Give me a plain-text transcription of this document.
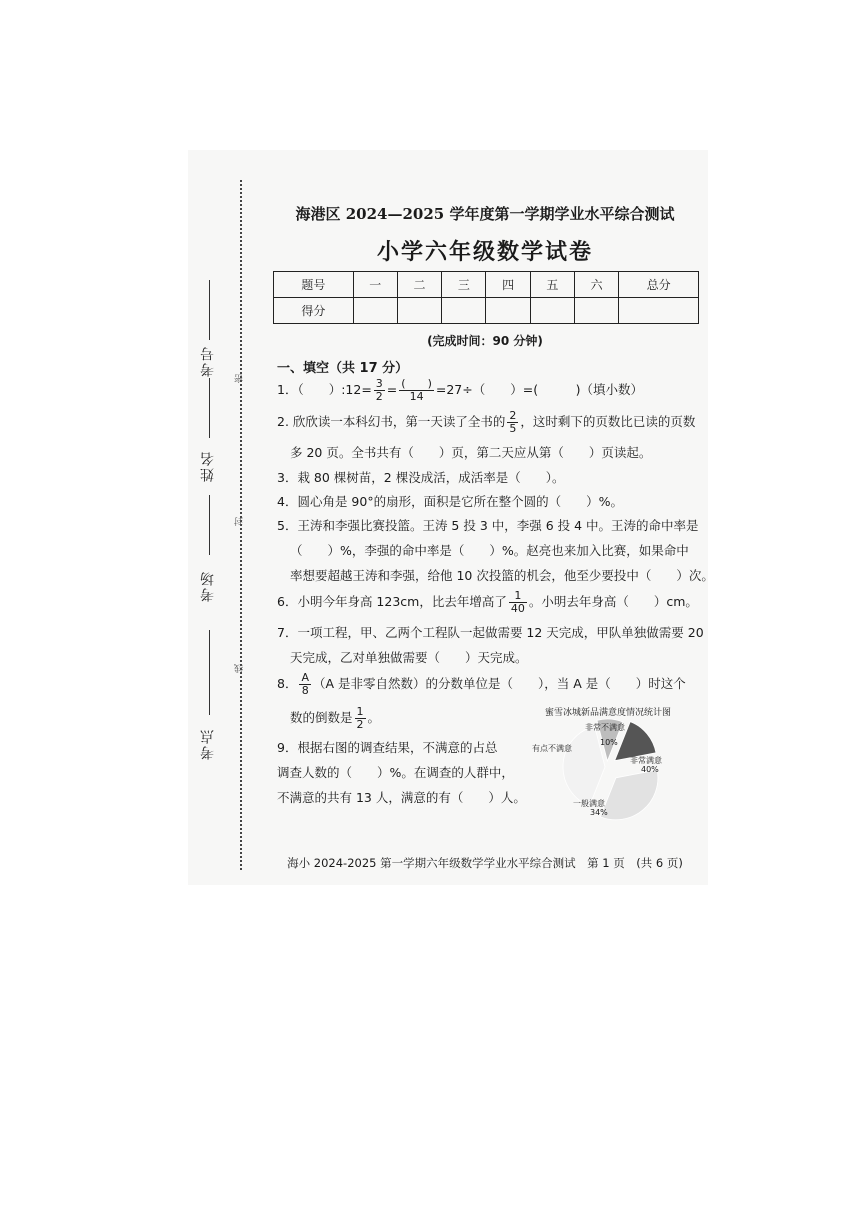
考号
姓名
考场
考点
密
封
线
海港区 2024—2025 学年度第一学期学业水平综合测试
小学六年级数学试卷
题号	一	二	三	四	五	六	总分
得分							
(完成时间：90 分钟)
一、填空（共 17 分）
1．（　　）:12= $\frac{3}{2} = \frac{( )}{14} =27\div$（　　）=(　　　)（填小数）
2. 欣欣读一本科幻书，第一天读了全书的 $\frac{2}{5}$ ，这时剩下的页数比已读的页数
多 20 页。全书共有（　　）页，第二天应从第（　　）页读起。
3．栽 80 棵树苗，2 棵没成活，成活率是（　　）。
4．圆心角是 90°的扇形，面积是它所在整个圆的（　　）%。
5．王涛和李强比赛投篮。王涛 5 投 3 中，李强 6 投 4 中。王涛的命中率是
（　　）%，李强的命中率是（　　）%。赵亮也来加入比赛，如果命中
率想要超越王涛和李强，给他 10 次投篮的机会，他至少要投中（　　）次。
6．小明今年身高 123cm，比去年增高了 $\frac{1}{40}$ 。小明去年身高（　　）cm。
7．一项工程，甲、乙两个工程队一起做需要 12 天完成，甲队单独做需要 20
天完成，乙对单独做需要（　　）天完成。
8． $\frac{A}{8} (A$ 是非零自然数）的分数单位是（　　），当 A 是（　　）时这个
数的倒数是 $\frac{1}{2}$ 。
9．根据右图的调查结果，不满意的占总
调查人数的（　　）%。在调查的人群中，
不满意的共有 13 人，满意的有（　　）人。
蜜雪冰城新品满意度情况统计图
非常不满意
10%
有点不满意
非常满意
40%
一般满意
34%
海小 2024-2025 第一学期六年级数学学业水平综合测试　第 1 页　(共 6 页)
